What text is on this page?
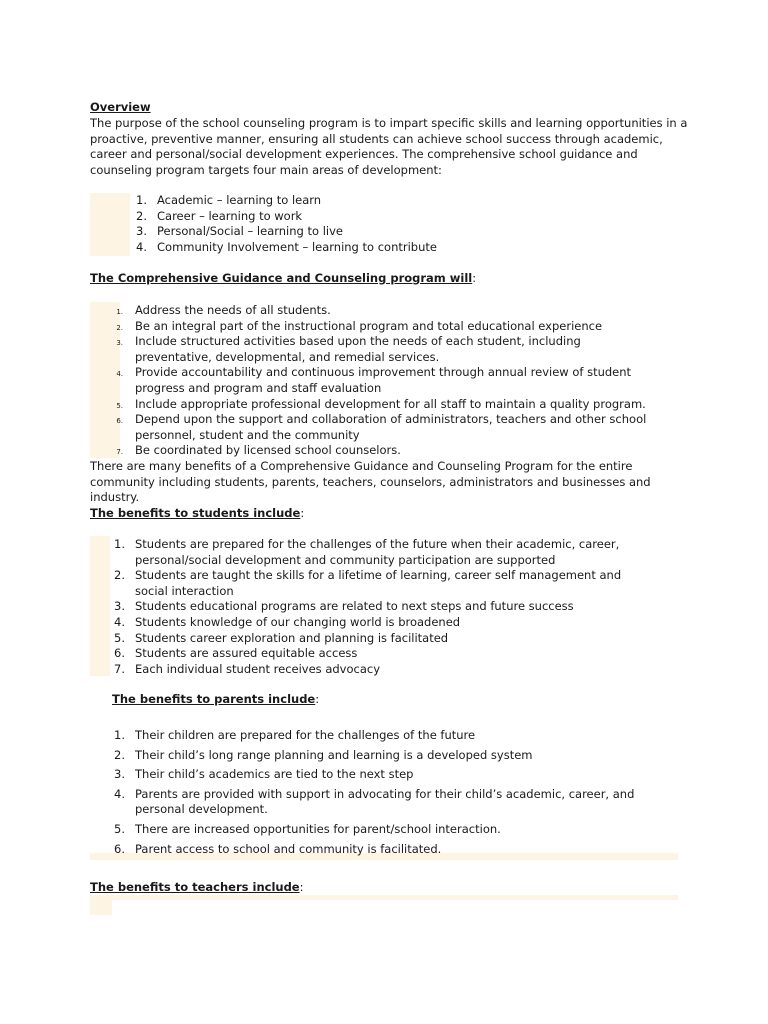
Overview
The purpose of the school counseling program is to impart specific skills and learning opportunities in a proactive, preventive manner, ensuring all students can achieve school success through academic, career and personal/social development experiences. The comprehensive school guidance and counseling program targets four main areas of development:
1. Academic – learning to learn
2. Career – learning to work
3. Personal/Social – learning to live
4. Community Involvement – learning to contribute
The Comprehensive Guidance and Counseling program will:
1. Address the needs of all students.
2. Be an integral part of the instructional program and total educational experience
3. Include structured activities based upon the needs of each student, including preventative, developmental, and remedial services.
4. Provide accountability and continuous improvement through annual review of student progress and program and staff evaluation
5. Include appropriate professional development for all staff to maintain a quality program.
6. Depend upon the support and collaboration of administrators, teachers and other school personnel, student and the community
7. Be coordinated by licensed school counselors.
There are many benefits of a Comprehensive Guidance and Counseling Program for the entire community including students, parents, teachers, counselors, administrators and businesses and industry.
The benefits to students include:
1. Students are prepared for the challenges of the future when their academic, career, personal/social development and community participation are supported
2. Students are taught the skills for a lifetime of learning, career self management and social interaction
3. Students educational programs are related to next steps and future success
4. Students knowledge of our changing world is broadened
5. Students career exploration and planning is facilitated
6. Students are assured equitable access
7. Each individual student receives advocacy
The benefits to parents include:
1. Their children are prepared for the challenges of the future
2. Their child’s long range planning and learning is a developed system
3. Their child’s academics are tied to the next step
4. Parents are provided with support in advocating for their child’s academic, career, and personal development.
5. There are increased opportunities for parent/school interaction.
6. Parent access to school and community is facilitated.
The benefits to teachers include:
